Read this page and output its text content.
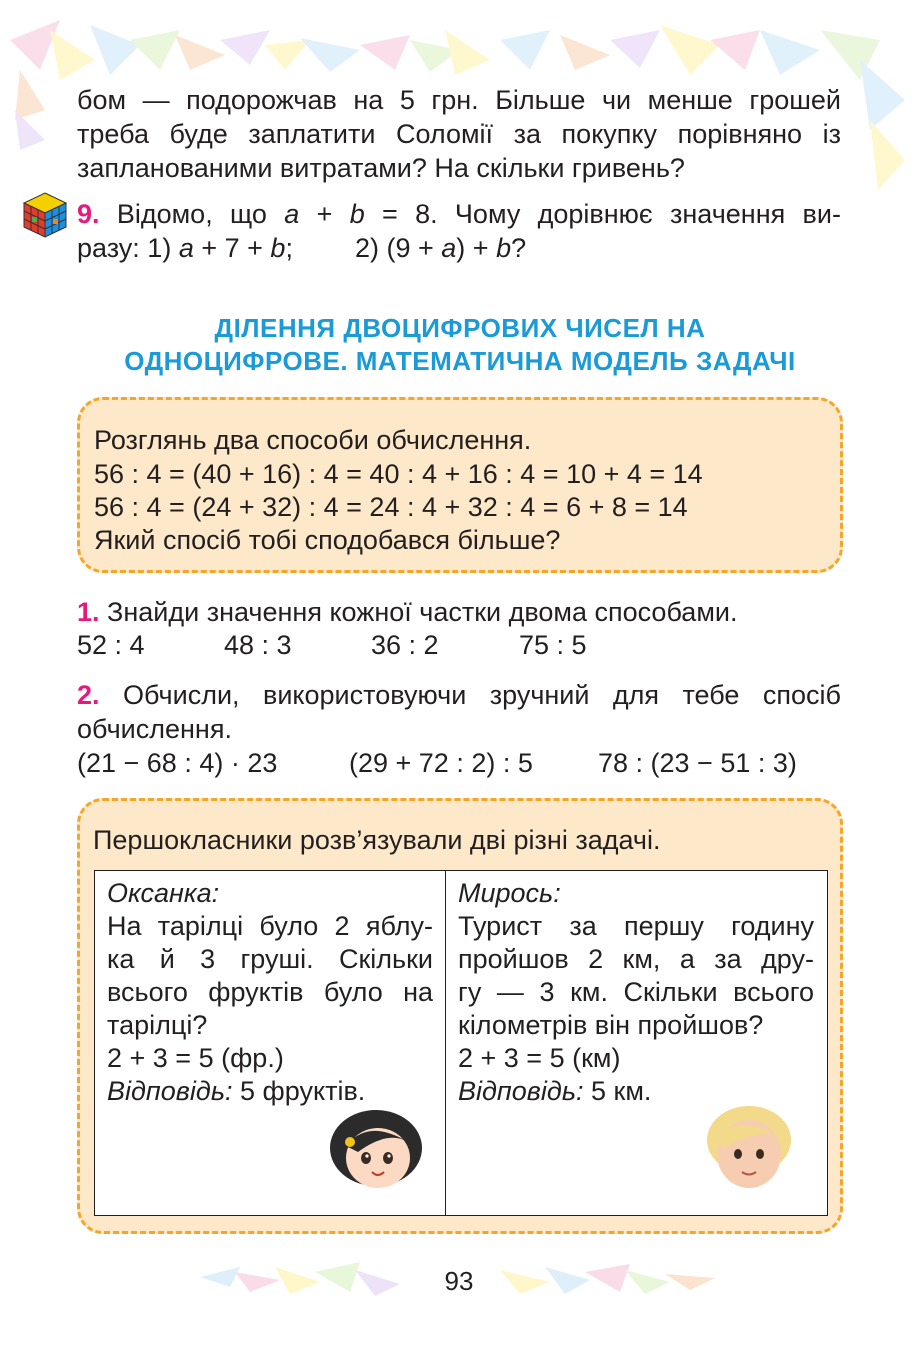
бом — подорожчав на 5 грн. Більше чи менше грошей
треба буде заплатити Соломії за покупку порівняно із
запланованими витратами? На скільки гривень?
9. Відомо, що a + b = 8. Чому дорівнює значення ви-
разу: 1) a + 7 + b; 2) (9 + a) + b?
ДІЛЕННЯ ДВОЦИФРОВИХ ЧИСЕЛ НА
ОДНОЦИФРОВЕ. МАТЕМАТИЧНА МОДЕЛЬ ЗАДАЧІ
Розглянь два способи обчислення.
56 : 4 = (40 + 16) : 4 = 40 : 4 + 16 : 4 = 10 + 4 = 14
56 : 4 = (24 + 32) : 4 = 24 : 4 + 32 : 4 = 6 + 8 = 14
Який спосіб тобі сподобався більше?
1. Знайди значення кожної частки двома способами.
52 : 4	48 : 3	36 : 2	75 : 5
2. Обчисли, використовуючи зручний для тебе спосіб
обчислення.
(21 − 68 : 4) · 23	(29 + 72 : 2) : 5 78 : (23 − 51 : 3)
Першокласники розв’язували дві різні задачі.
Оксанка:
На тарілці було 2 яблу-
ка й 3 груші. Скільки
всього фруктів було на
тарілці?
2 + 3 = 5 (фр.)
Відповідь: 5 фруктів.
Мирось:
Турист за першу годину
пройшов 2 км, а за дру-
гу — 3 км. Скільки всього
кілометрів він пройшов?
2 + 3 = 5 (км)
Відповідь: 5 км.
93
